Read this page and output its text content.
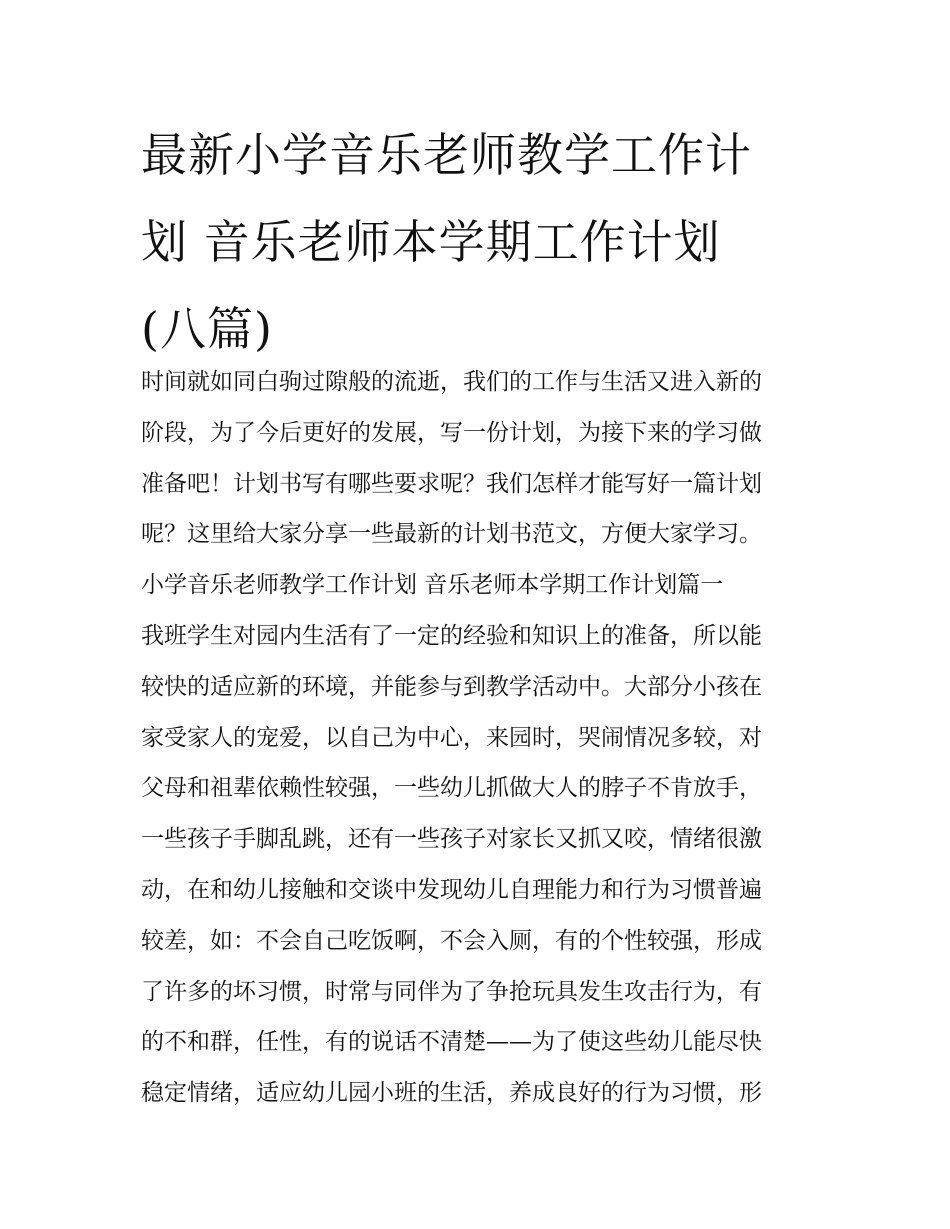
最新小学音乐老师教学工作计
划 音乐老师本学期工作计划
(八篇)
时间就如同白驹过隙般的流逝，我们的工作与生活又进入新的
阶段，为了今后更好的发展，写一份计划，为接下来的学习做
准备吧！计划书写有哪些要求呢？我们怎样才能写好一篇计划
呢？这里给大家分享一些最新的计划书范文，方便大家学习。
小学音乐老师教学工作计划 音乐老师本学期工作计划篇一
我班学生对园内生活有了一定的经验和知识上的准备，所以能
较快的适应新的环境，并能参与到教学活动中。大部分小孩在
家受家人的宠爱，以自己为中心，来园时，哭闹情况多较，对
父母和祖辈依赖性较强，一些幼儿抓做大人的脖子不肯放手，
一些孩子手脚乱跳，还有一些孩子对家长又抓又咬，情绪很激
动，在和幼儿接触和交谈中发现幼儿自理能力和行为习惯普遍
较差，如：不会自己吃饭啊，不会入厕，有的个性较强，形成
了许多的坏习惯，时常与同伴为了争抢玩具发生攻击行为，有
的不和群，任性，有的说话不清楚——为了使这些幼儿能尽快
稳定情绪，适应幼儿园小班的生活，养成良好的行为习惯，形
